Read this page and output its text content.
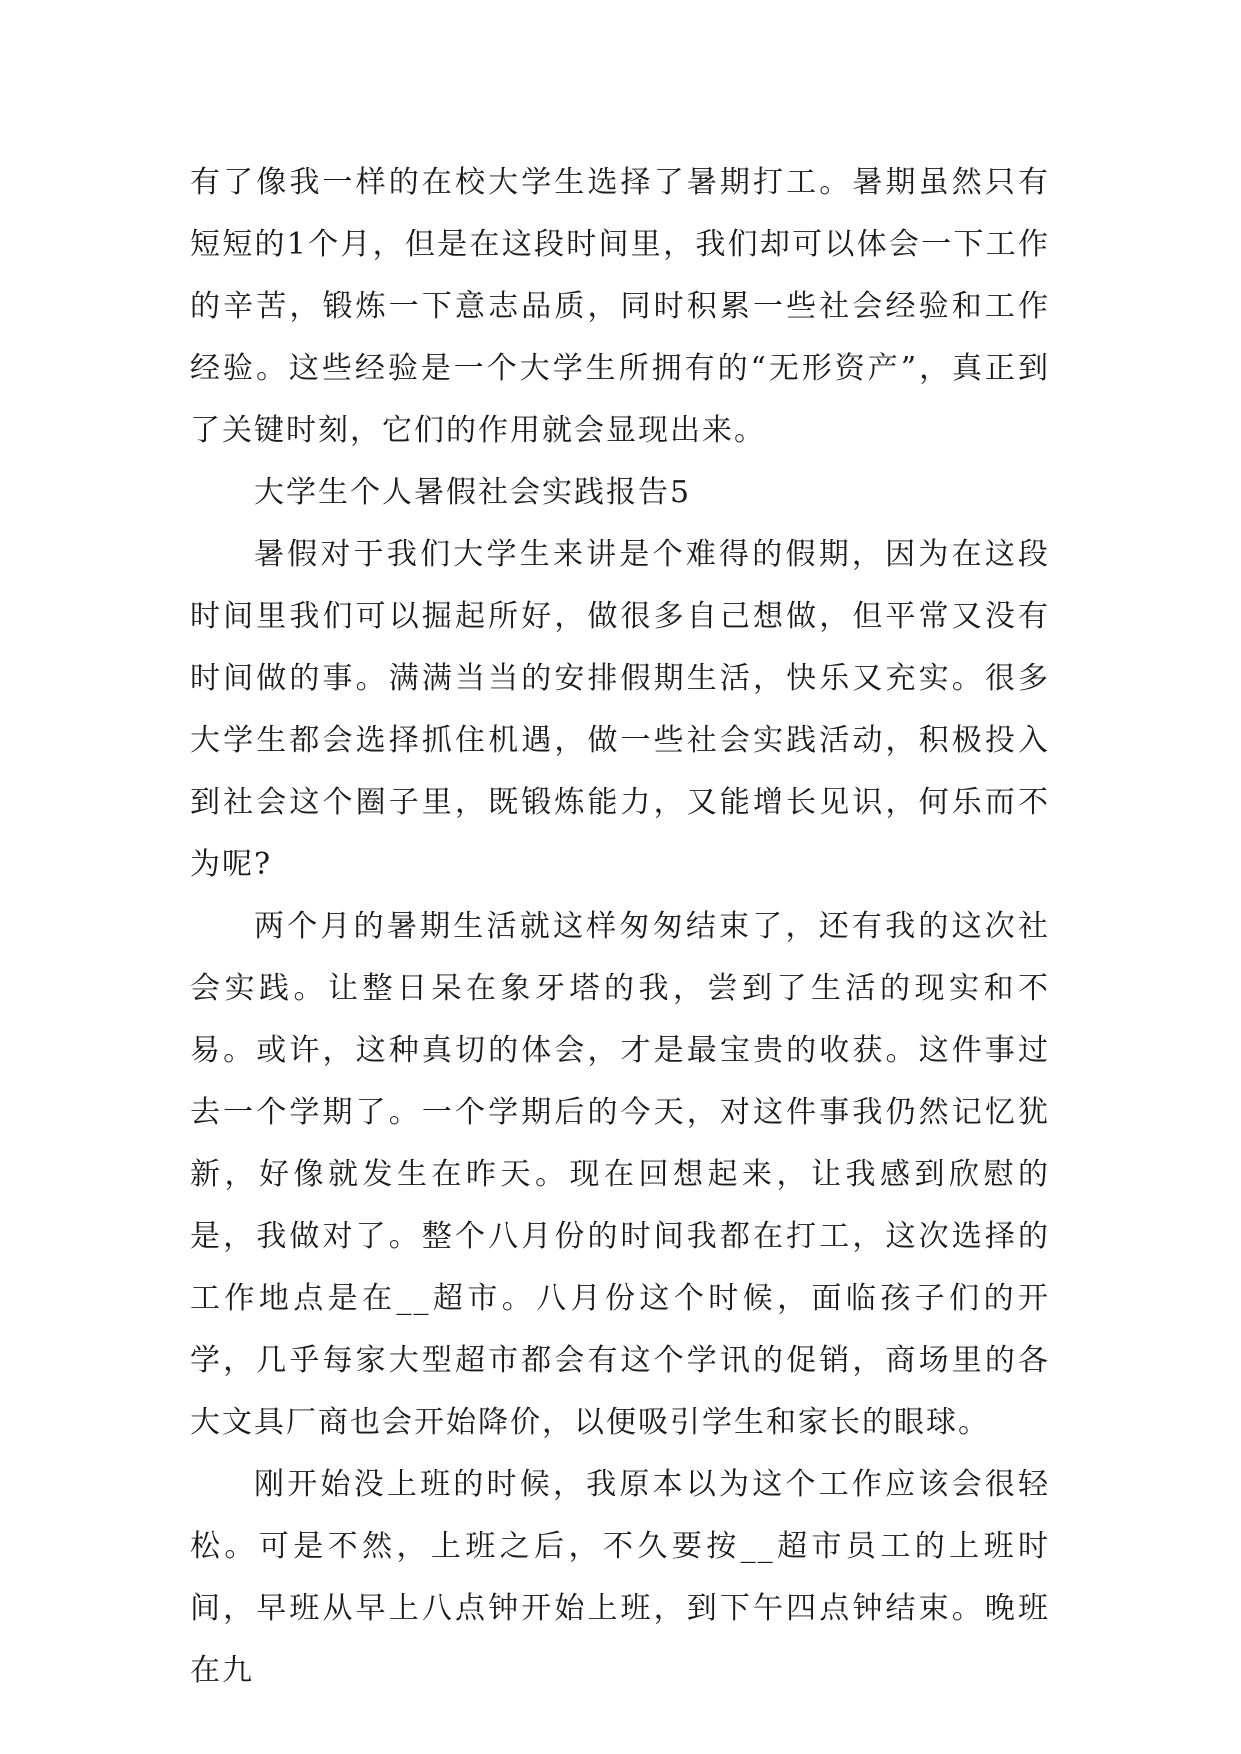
有了像我一样的在校大学生选择了暑期打工。暑期虽然只有短短的1个月，但是在这段时间里，我们却可以体会一下工作的辛苦，锻炼一下意志品质，同时积累一些社会经验和工作经验。这些经验是一个大学生所拥有的“无形资产”，真正到了关键时刻，它们的作用就会显现出来。

大学生个人暑假社会实践报告5

暑假对于我们大学生来讲是个难得的假期，因为在这段时间里我们可以掘起所好，做很多自己想做，但平常又没有时间做的事。满满当当的安排假期生活，快乐又充实。很多大学生都会选择抓住机遇，做一些社会实践活动，积极投入到社会这个圈子里，既锻炼能力，又能增长见识，何乐而不为呢?

两个月的暑期生活就这样匆匆结束了，还有我的这次社会实践。让整日呆在象牙塔的我，尝到了生活的现实和不易。或许，这种真切的体会，才是最宝贵的收获。这件事过去一个学期了。一个学期后的今天，对这件事我仍然记忆犹新，好像就发生在昨天。现在回想起来，让我感到欣慰的是，我做对了。整个八月份的时间我都在打工，这次选择的工作地点是在__超市。八月份这个时候，面临孩子们的开学，几乎每家大型超市都会有这个学讯的促销，商场里的各大文具厂商也会开始降价，以便吸引学生和家长的眼球。

刚开始没上班的时候，我原本以为这个工作应该会很轻松。可是不然，上班之后，不久要按__超市员工的上班时间，早班从早上八点钟开始上班，到下午四点钟结束。晚班在九
